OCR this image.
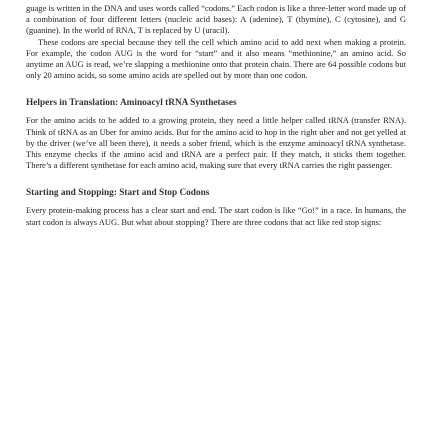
guage is written in the DNA and uses words called “codons.” Each codon is like a three-letter word made up of a combination of four different letters (nucleic acid bases): A (adenine), T (thymine), C (cytosine), and G (guanine). In the world of RNA, T is replaced by U (uracil).

These codons are special because they tell the cell which amino acid to add next when making a protein. For example, the codon AUG is the word for “start” and it also means “methionine,” an amino acid. So anytime an AUG is read, we’re slapping a methionine onto that protein chain. There are 64 possible codons but only 20 amino acids, so some amino acids are spelled out by more than one codon.

Helpers in Translation: Aminoacyl tRNA Synthetases

For the amino acids to be added to a growing protein, they need a little helper called tRNA (transfer RNA). Think of tRNA as an Uber for amino acids. But for the amino acid to hop in the right uber and not get yelled at by the driver (we’ve all been there), it needs a sober friend, which is the enzyme aminoacyl tRNA synthetase. This enzyme checks if the amino acid and tRNA are a perfect pair. If they match, it sticks them together. There’s a different synthetase for each amino acid, making sure that every tRNA carries the right passenger.

Starting and Stopping: Start and Stop Codons

Every protein-making process has a clear start and end. The start codon is like “Go!” in a race. In humans, the start codon is always AUG. But what about stopping? There are three codons that act like red stop signs:
